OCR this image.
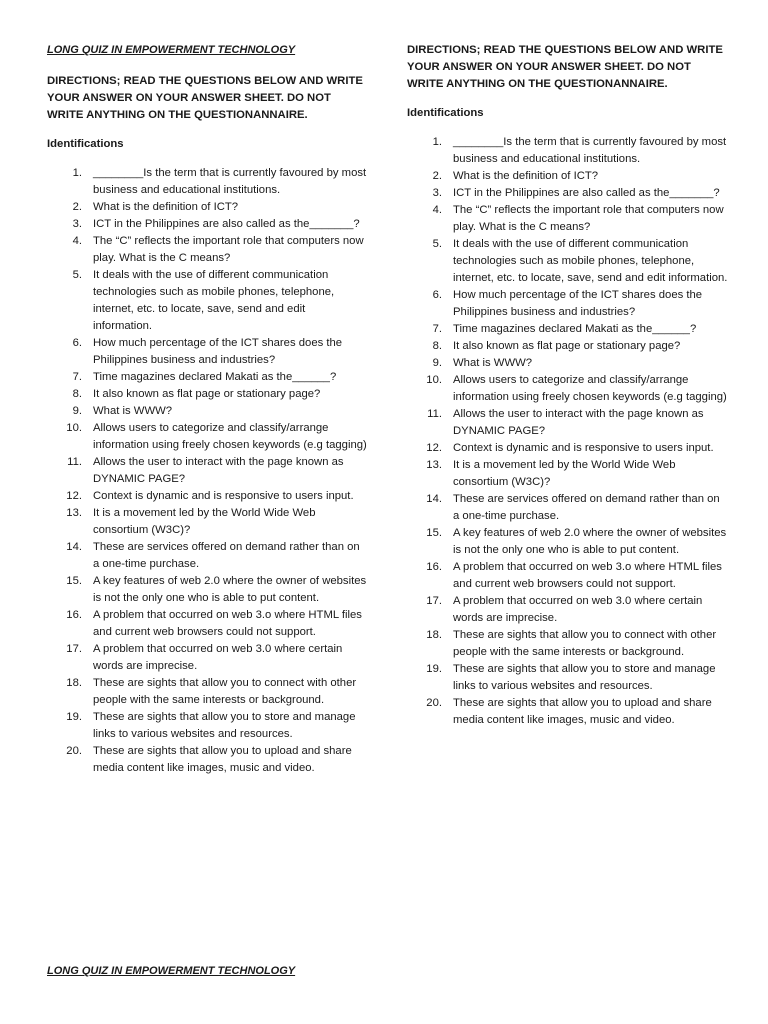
LONG QUIZ IN EMPOWERMENT TECHNOLOGY
DIRECTIONS; READ THE QUESTIONS BELOW AND WRITE YOUR ANSWER ON YOUR ANSWER SHEET. DO NOT WRITE ANYTHING ON THE QUESTIONANNAIRE.
Identifications
1. ________Is the term that is currently favoured by most business and educational institutions.
2. What is the definition of ICT?
3. ICT in the Philippines are also called as the_______?
4. The “C” reflects the important role that computers now play. What is the C means?
5. It deals with the use of different communication technologies such as mobile phones, telephone, internet, etc. to locate, save, send and edit information.
6. How much percentage of the ICT shares does the Philippines business and industries?
7. Time magazines declared Makati as the______?
8. It also known as flat page or stationary page?
9. What is WWW?
10. Allows users to categorize and classify/arrange information using freely chosen keywords (e.g tagging)
11. Allows the user to interact with the page known as DYNAMIC PAGE?
12. Context is dynamic and is responsive to users input.
13. It is a movement led by the World Wide Web consortium (W3C)?
14. These are services offered on demand rather than on a one-time purchase.
15. A key features of web 2.0 where the owner of websites is not the only one who is able to put content.
16. A problem that occurred on web 3.o where HTML files and current web browsers could not support.
17. A problem that occurred on web 3.0 where certain words are imprecise.
18. These are sights that allow you to connect with other people with the same interests or background.
19. These are sights that allow you to store and manage links to various websites and resources.
20. These are sights that allow you to upload and share media content like images, music and video.
DIRECTIONS; READ THE QUESTIONS BELOW AND WRITE YOUR ANSWER ON YOUR ANSWER SHEET. DO NOT WRITE ANYTHING ON THE QUESTIONANNAIRE.
Identifications
1. ________Is the term that is currently favoured by most business and educational institutions.
2. What is the definition of ICT?
3. ICT in the Philippines are also called as the_______?
4. The “C” reflects the important role that computers now play. What is the C means?
5. It deals with the use of different communication technologies such as mobile phones, telephone, internet, etc. to locate, save, send and edit information.
6. How much percentage of the ICT shares does the Philippines business and industries?
7. Time magazines declared Makati as the______?
8. It also known as flat page or stationary page?
9. What is WWW?
10. Allows users to categorize and classify/arrange information using freely chosen keywords (e.g tagging)
11. Allows the user to interact with the page known as DYNAMIC PAGE?
12. Context is dynamic and is responsive to users input.
13. It is a movement led by the World Wide Web consortium (W3C)?
14. These are services offered on demand rather than on a one-time purchase.
15. A key features of web 2.0 where the owner of websites is not the only one who is able to put content.
16. A problem that occurred on web 3.o where HTML files and current web browsers could not support.
17. A problem that occurred on web 3.0 where certain words are imprecise.
18. These are sights that allow you to connect with other people with the same interests or background.
19. These are sights that allow you to store and manage links to various websites and resources.
20. These are sights that allow you to upload and share media content like images, music and video.
LONG QUIZ IN EMPOWERMENT TECHNOLOGY
